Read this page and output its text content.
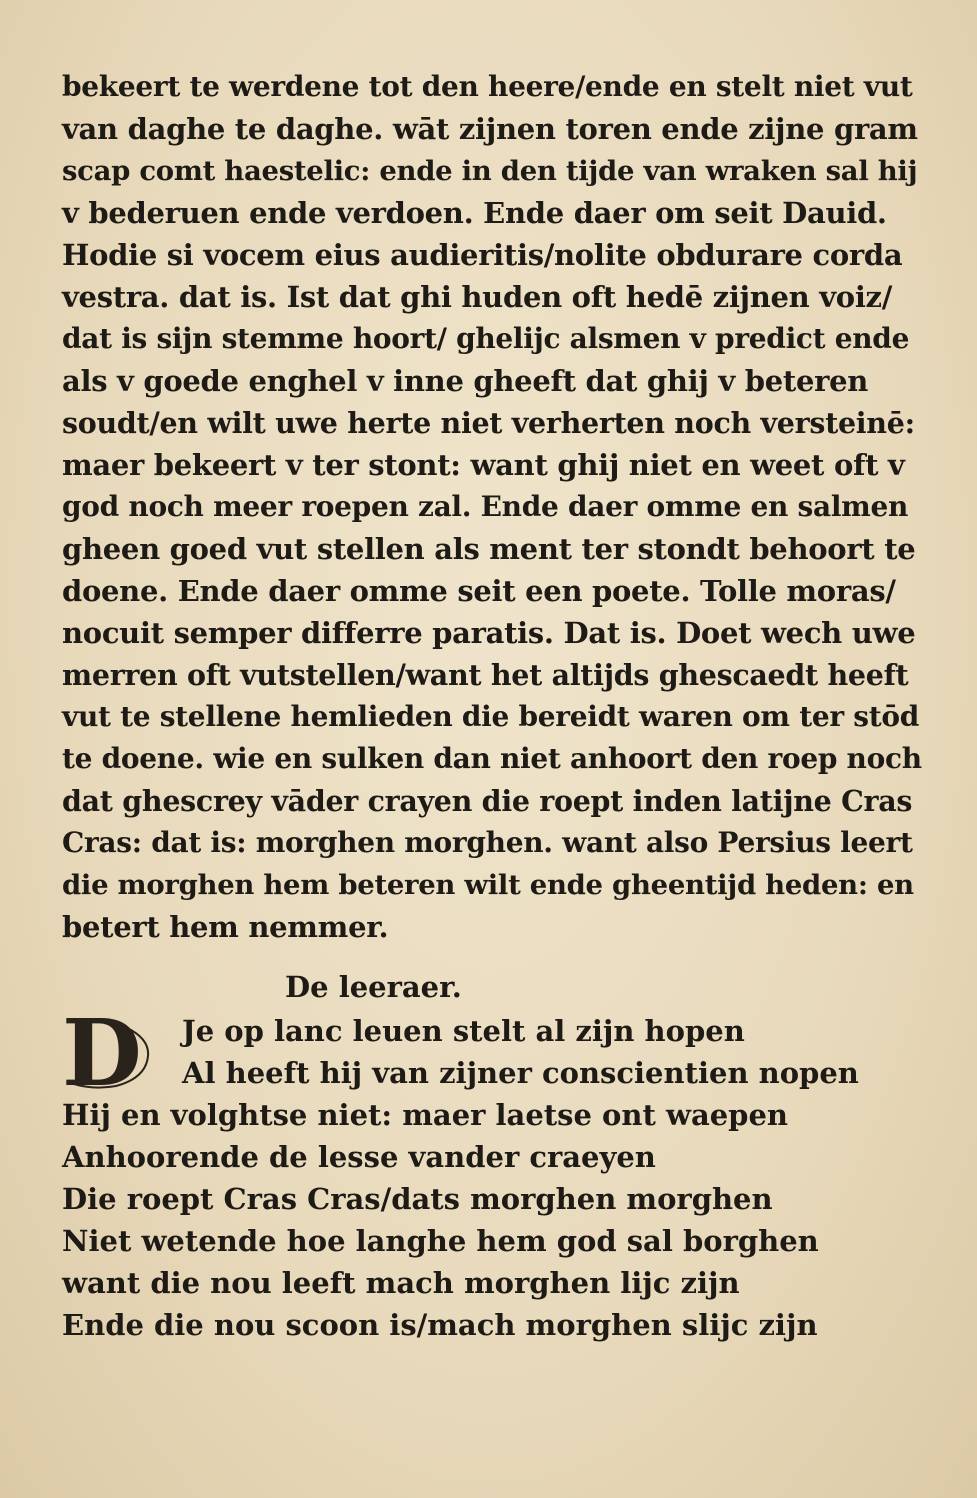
bekeert te werdene tot den heere/ende en stelt niet vut
van daghe te daghe. wāt zijnen toren ende zijne gram
scap comt haestelic: ende in den tijde van wraken sal hij
v bederuen ende verdoen. Ende daer om seit Dauid.
Hodie si vocem eius audieritis/nolite obdurare corda
vestra. dat is. Ist dat ghi huden oft hedē zijnen voiz/
dat is sijn stemme hoort/ ghelijc alsmen v predict ende
als v goede enghel v inne gheeft dat ghij v beteren
soudt/en wilt uwe herte niet verherten noch versteinē:
maer bekeert v ter stont: want ghij niet en weet oft v
god noch meer roepen zal. Ende daer omme en salmen
gheen goed vut stellen als ment ter stondt behoort te
doene. Ende daer omme seit een poete. Tolle moras/
nocuit semper differre paratis. Dat is. Doet wech uwe
merren oft vutstellen/want het altijds ghescaedt heeft
vut te stellene hemlieden die bereidt waren om ter stōd
te doene. wie en sulken dan niet anhoort den roep noch
dat ghescrey vāder crayen die roept inden latijne Cras
Cras: dat is: morghen morghen. want also Persius leert
die morghen hem beteren wilt ende gheentijd heden: en
betert hem nemmer.
De leeraer.
D	Je op lanc leuen stelt al zijn hopen
Al heeft hij van zijner conscientien nopen
Hij en volghtse niet: maer laetse ont waepen
Anhoorende de lesse vander craeyen
Die roept Cras Cras/dats morghen morghen
Niet wetende hoe langhe hem god sal borghen
want die nou leeft mach morghen lijc zijn
Ende die nou scoon is/mach morghen slijc zijn
